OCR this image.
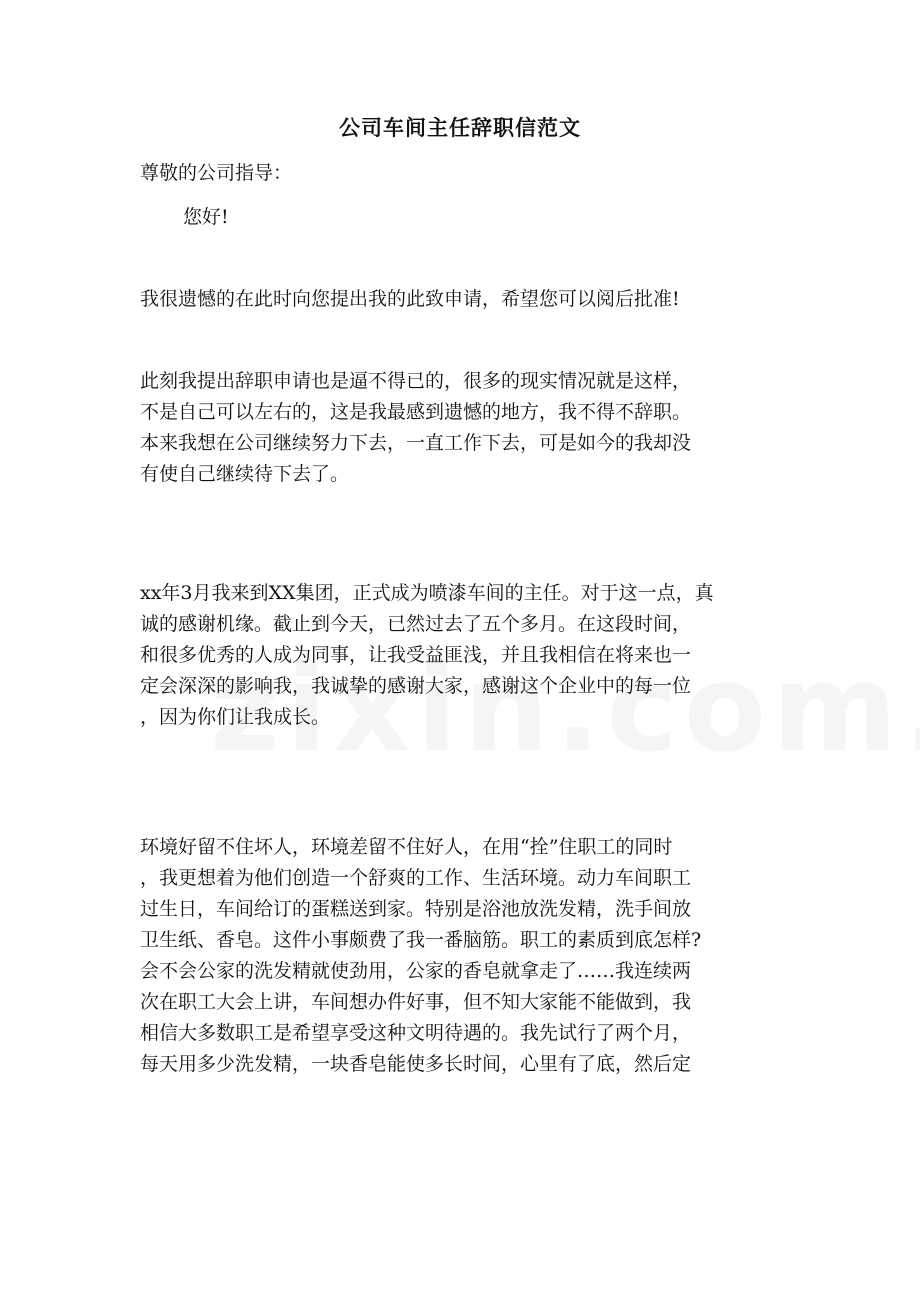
公司车间主任辞职信范文
尊敬的公司指导：
您好!
我很遗憾的在此时向您提出我的此致申请，希望您可以阅后批准!
此刻我提出辞职申请也是逼不得已的，很多的现实情况就是这样，
不是自己可以左右的，这是我最感到遗憾的地方，我不得不辞职。
本来我想在公司继续努力下去，一直工作下去，可是如今的我却没
有使自己继续待下去了。
xx年3月我来到XX集团，正式成为喷漆车间的主任。对于这一点，真
诚的感谢机缘。截止到今天，已然过去了五个多月。在这段时间，
和很多优秀的人成为同事，让我受益匪浅，并且我相信在将来也一
定会深深的影响我，我诚挚的感谢大家，感谢这个企业中的每一位
，因为你们让我成长。
环境好留不住坏人，环境差留不住好人，在用“拴”住职工的同时
，我更想着为他们创造一个舒爽的工作、生活环境。动力车间职工
过生日，车间给订的蛋糕送到家。特别是浴池放洗发精，洗手间放
卫生纸、香皂。这件小事颇费了我一番脑筋。职工的素质到底怎样?
会不会公家的洗发精就使劲用，公家的香皂就拿走了……我连续两
次在职工大会上讲，车间想办件好事，但不知大家能不能做到，我
相信大多数职工是希望享受这种文明待遇的。我先试行了两个月，
每天用多少洗发精，一块香皂能使多长时间，心里有了底，然后定
